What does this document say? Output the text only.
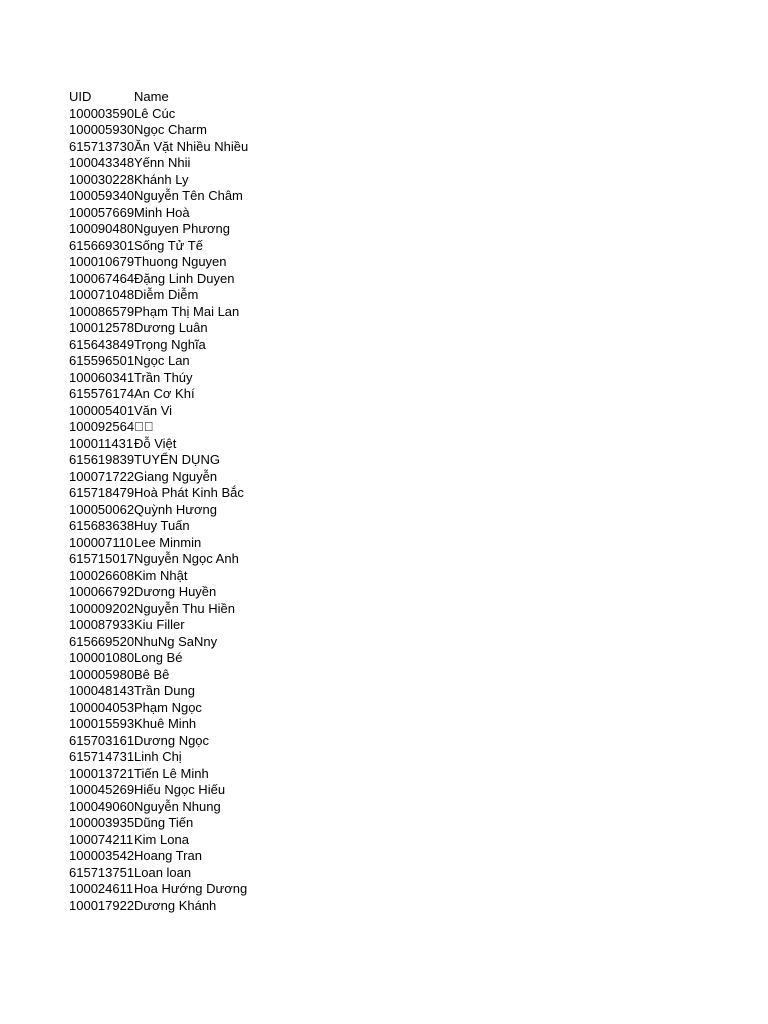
UID	Name
100003590 Lê Cúc
100005930 Ngọc Charm
615713730 Ăn Vặt Nhiều Nhiều
100043348 Yếnn Nhii
100030228 Khánh Ly
100059340 Nguyễn Tên Châm
100057669 Minh Hoà
100090480 Nguyen Phương
615669301 Sống Tử Tế
100010679 Thuong Nguyen
100067464 Đặng Linh Duyen
100071048 Diễm Diễm
100086579 Phạm Thị Mai Lan
100012578 Dương Luân
615643849 Trọng Nghĩa
615596501 Ngọc Lan
100060341 Trần Thúy
615576174 An Cơ Khí
100005401 Văn Vi
100092564 􀀀􀀀
100011431 Đỗ Việt
615619839 TUYỂN DỤNG
100071722 Giang Nguyễn
615718479 Hoà Phát Kinh Bắc
100050062 Quỳnh Hương
615683638 Huy Tuấn
100007110 Lee Minmin
615715017 Nguyễn Ngọc Anh
100026608 Kim Nhật
100066792 Dương Huyền
100009202 Nguyễn Thu Hiền
100087933 Kiu Filler
615669520 NhuNg SaNny
100001080 Long Bé
100005980 Bê Bê
100048143 Trần Dung
100004053 Phạm Ngọc
100015593 Khuê Minh
615703161 Dương Ngọc
615714731 Linh Chị
100013721 Tiến Lê Minh
100045269 Hiếu Ngọc Hiếu
100049060 Nguyễn Nhung
100003935 Dũng Tiến
100074211 Kim Lona
100003542 Hoang Tran
615713751 Loan loan
100024611 Hoa Hướng Dương
100017922 Dương Khánh
